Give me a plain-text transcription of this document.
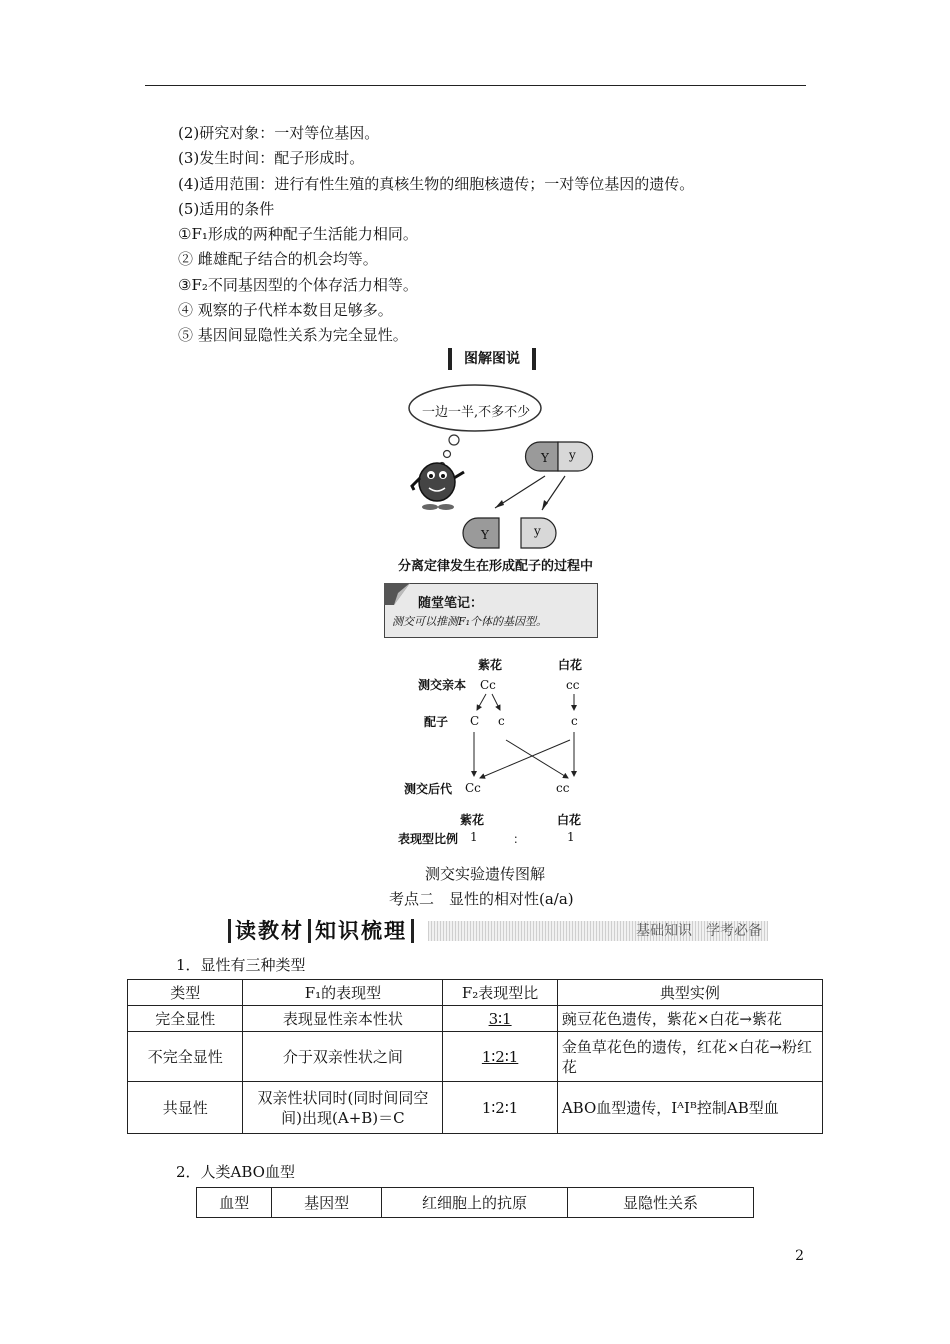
(2)研究对象：一对等位基因。
(3)发生时间：配子形成时。
(4)适用范围：进行有性生殖的真核生物的细胞核遗传；一对等位基因的遗传。
(5)适用的条件
①F₁形成的两种配子生活能力相同。
② 雌雄配子结合的机会均等。
③F₂不同基因型的个体存活力相等。
④ 观察的子代样本数目足够多。
⑤ 基因间显隐性关系为完全显性。
图解图说
一边一半,不多不少
Y y
Y	y
分离定律发生在形成配子的过程中
随堂笔记：
测交可以推测F₁个体的基因型。
紫花	白花
测交亲本 Cc	cc
配子 C c	c
测交后代 Cc	cc
紫花	白花
表现型比例 1	：	1
测交实验遗传图解
考点二　显性的相对性(a/a)
读教材 知识梳理	基础知识　学考必备
1．显性有三种类型
类型	F₁的表现型	F₂表现型比	典型实例
完全显性	表现显性亲本性状	3∶1	豌豆花色遗传，紫花×白花→紫花
不完全显性	介于双亲性状之间	1∶2∶1	金鱼草花色的遗传，红花×白花→粉红花
共显性	双亲性状同时(同时间同空间)出现(A+B)＝C	1∶2∶1	ABO血型遗传，IᴬIᴮ控制AB型血
2．人类ABO血型
血型	基因型	红细胞上的抗原	显隐性关系
2
